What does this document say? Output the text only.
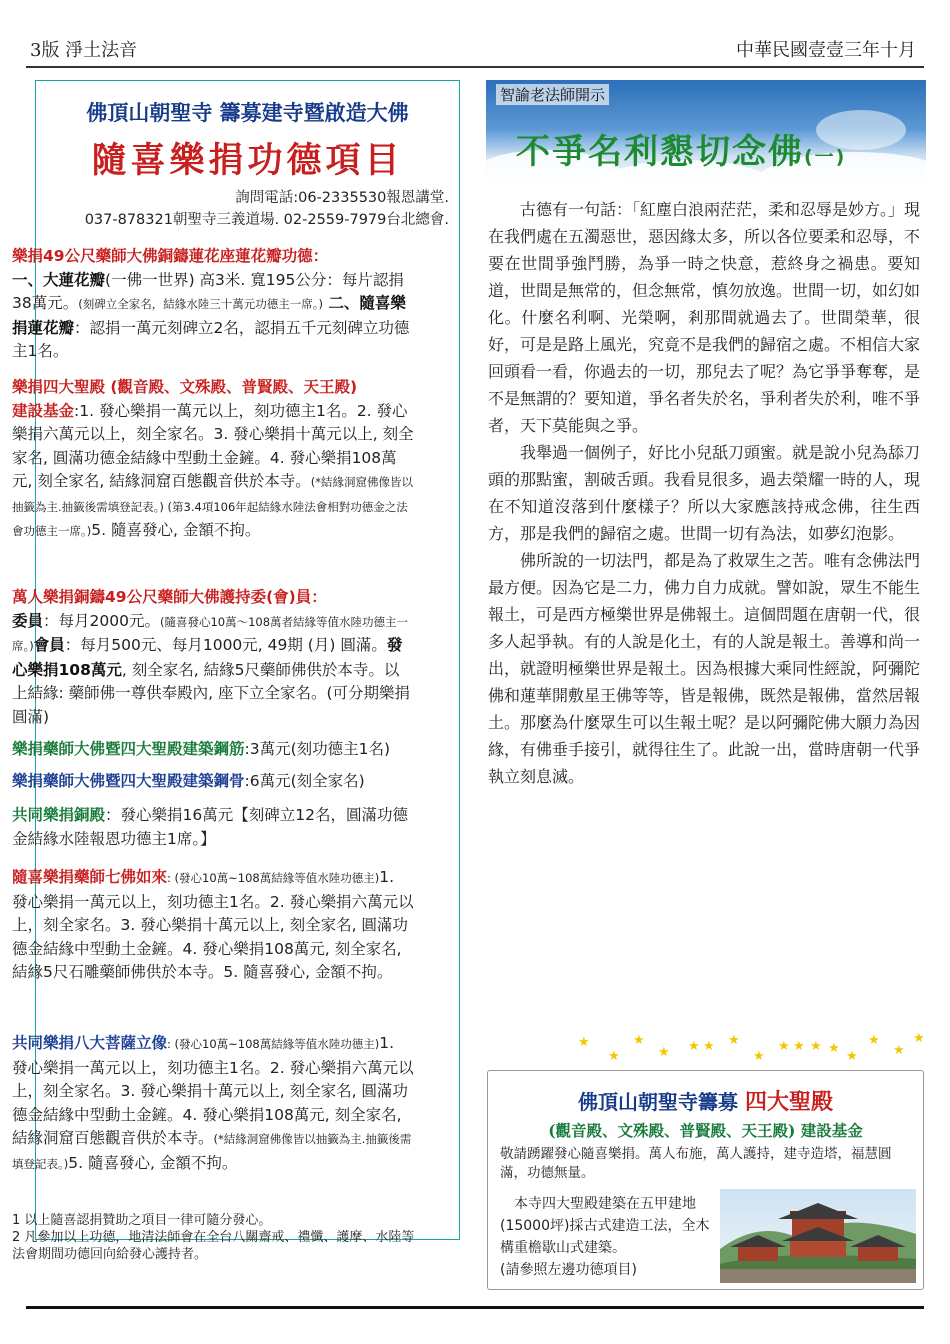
3版 淨土法音	中華民國壹壹三年十月
佛頂山朝聖寺 籌募建寺暨啟造大佛
隨喜樂捐功德項目
詢問電話:06-2335530報恩講堂.
037-878321朝聖寺三義道場. 02-2559-7979台北總會.
樂捐49公尺藥師大佛銅鑄蓮花座蓮花瓣功德：
一、大蓮花瓣(一佛一世界) 高3米. 寬195公分：每片認捐38萬元。(刻碑立全家名，結緣水陸三十萬元功德主一席。) 二、隨喜樂捐蓮花瓣：認捐一萬元刻碑立2名，認捐五千元刻碑立功德主1名。
樂捐四大聖殿 (觀音殿、文殊殿、普賢殿、天王殿)
建設基金:1. 發心樂捐一萬元以上，刻功德主1名。2. 發心樂捐六萬元以上，刻全家名。3. 發心樂捐十萬元以上, 刻全家名, 圓滿功德金結緣中型動土金鏟。4. 發心樂捐108萬元, 刻全家名, 結緣洞窟百態觀音供於本寺。(*結緣洞窟佛像皆以抽籤為主.抽籤後需填登記表。) (第3.4項106年起結緣水陸法會相對功德金之法會功德主一席。)5. 隨喜發心, 金額不拘。
萬人樂捐銅鑄49公尺藥師大佛護持委(會)員：
委員：每月2000元。(隨喜發心10萬～108萬者結緣等值水陸功德主一席。)會員：每月500元、每月1000元, 49期 (月) 圓滿。發心樂捐108萬元, 刻全家名, 結緣5尺藥師佛供於本寺。以上結緣: 藥師佛一尊供奉殿內, 座下立全家名。(可分期樂捐圓滿)
樂捐藥師大佛暨四大聖殿建築鋼筋:3萬元(刻功德主1名)
樂捐藥師大佛暨四大聖殿建築鋼骨:6萬元(刻全家名)
共同樂捐銅殿：發心樂捐16萬元【刻碑立12名，圓滿功德金結緣水陸報恩功德主1席。】
隨喜樂捐藥師七佛如來: (發心10萬~108萬結緣等值水陸功德主)1. 發心樂捐一萬元以上，刻功德主1名。2. 發心樂捐六萬元以上，刻全家名。3. 發心樂捐十萬元以上, 刻全家名, 圓滿功德金結緣中型動土金鏟。4. 發心樂捐108萬元, 刻全家名, 結緣5尺石雕藥師佛供於本寺。5. 隨喜發心, 金額不拘。
共同樂捐八大菩薩立像: (發心10萬~108萬結緣等值水陸功德主)1. 發心樂捐一萬元以上，刻功德主1名。2. 發心樂捐六萬元以上，刻全家名。3. 發心樂捐十萬元以上, 刻全家名, 圓滿功德金結緣中型動土金鏟。4. 發心樂捐108萬元, 刻全家名, 結緣洞窟百態觀音供於本寺。(*結緣洞窟佛像皆以抽籤為主.抽籤後需填登記表。)5. 隨喜發心, 金額不拘。
1 以上隨喜認捐贊助之項目一律可隨分發心。
2 凡參加以上功德，地清法師會在全台八關齋戒、禮懺、護摩、水陸等法會期間功德回向給發心護持者。
智諭老法師開示
不爭名利懇切念佛(一)

古德有一句話：「紅塵白浪兩茫茫，柔和忍辱是妙方。」現在我們處在五濁惡世，惡因緣太多，所以各位要柔和忍辱，不要在世間爭強鬥勝，為爭一時之快意，惹終身之禍患。要知道，世間是無常的，但念無常，慎勿放逸。世間一切，如幻如化。什麼名利啊、光榮啊，剎那間就過去了。世間榮華，很好，可是是路上風光，究竟不是我們的歸宿之處。不相信大家回頭看一看，你過去的一切，那兒去了呢？為它爭爭奪奪，是不是無謂的？要知道，爭名者失於名，爭利者失於利，唯不爭者，天下莫能與之爭。

我舉過一個例子，好比小兒舐刀頭蜜。就是說小兒為舔刀頭的那點蜜，割破舌頭。我看見很多，過去榮耀一時的人，現在不知道沒落到什麼樣子？所以大家應該持戒念佛，往生西方，那是我們的歸宿之處。世間一切有為法，如夢幻泡影。

佛所說的一切法門，都是為了救眾生之苦。唯有念佛法門最方便。因為它是二力，佛力自力成就。譬如說，眾生不能生報土，可是西方極樂世界是佛報土。這個問題在唐朝一代，很多人起爭執。有的人說是化土，有的人說是報土。善導和尚一出，就證明極樂世界是報土。因為根據大乘同性經說，阿彌陀佛和蓮華開敷星王佛等等，皆是報佛，既然是報佛，當然居報土。那麼為什麼眾生可以生報土呢？是以阿彌陀佛大願力為因緣，有佛垂手接引，就得往生了。此說一出，當時唐朝一代爭執立刻息滅。

★
★
★
★ ★ ★ ★
★
★ ★ ★ ★
★
★
★
★
佛頂山朝聖寺籌募 四大聖殿
(觀音殿、文殊殿、普賢殿、天王殿) 建設基金
敬請踴躍發心隨喜樂捐。萬人布施，萬人護持，建寺造塔，福慧圓滿，功德無量。
本寺四大聖殿建築在五甲建地(15000坪)採古式建造工法，全木構重檐歇山式建築。
(請參照左邊功德項目)
